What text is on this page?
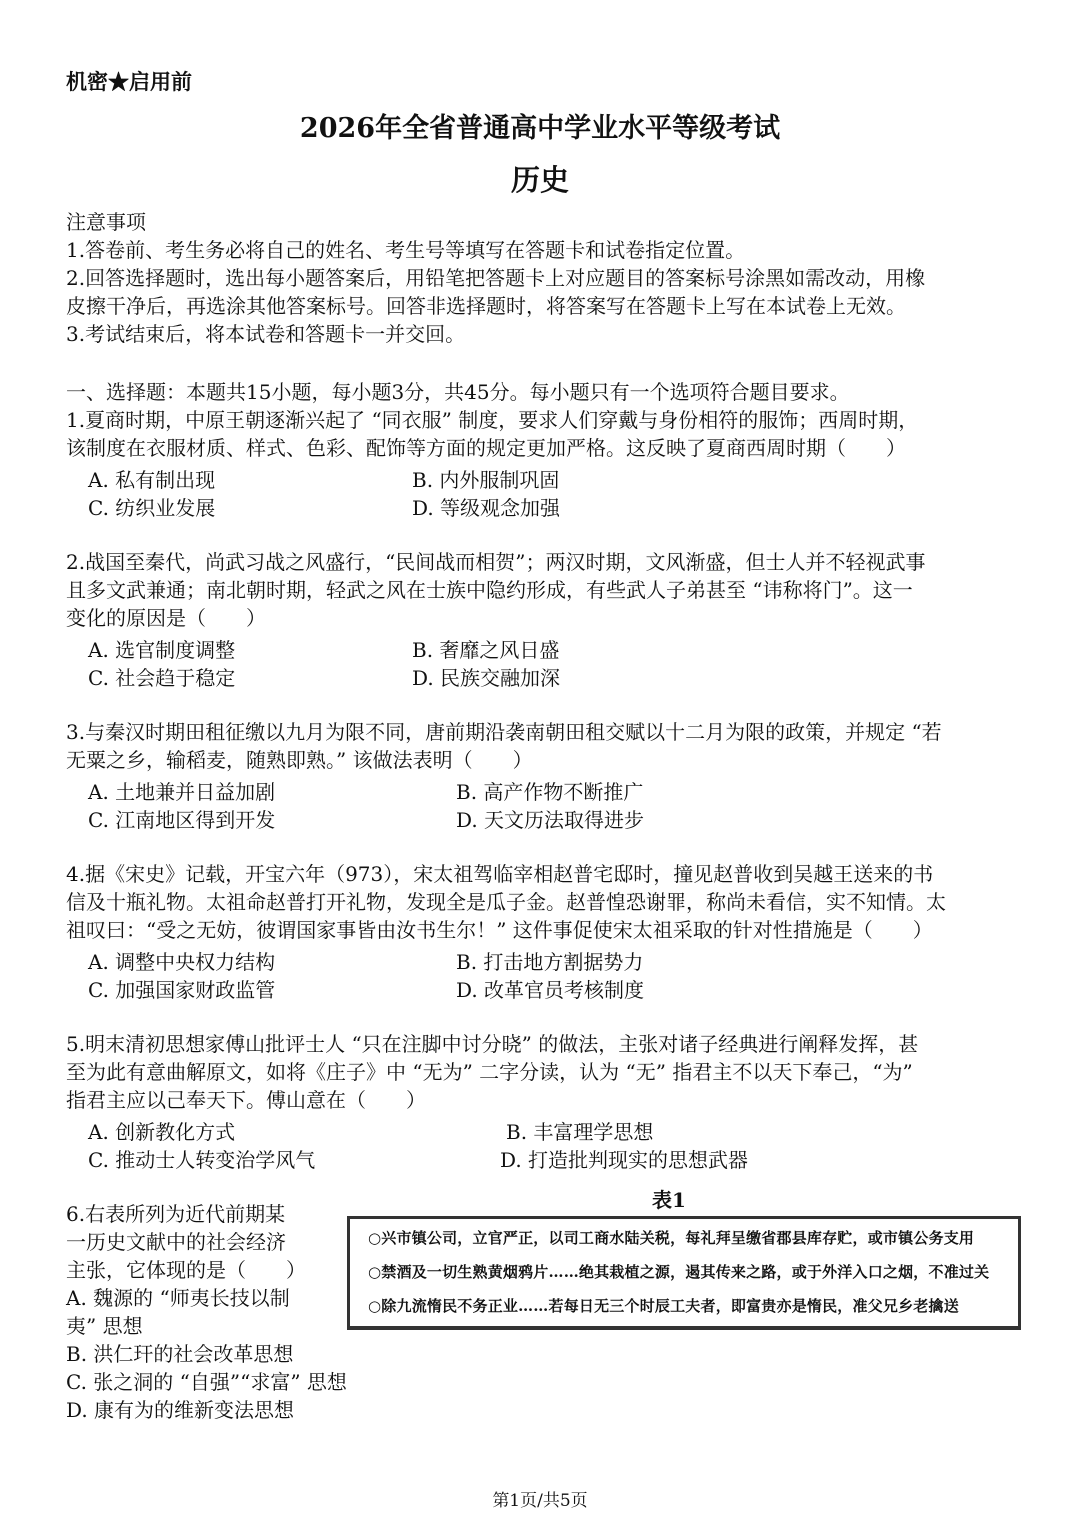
机密★启用前
2026年全省普通高中学业水平等级考试
历史
注意事项
1.答卷前、考生务必将自己的姓名、考生号等填写在答题卡和试卷指定位置。
2.回答选择题时，选出每小题答案后，用铅笔把答题卡上对应题目的答案标号涂黑如需改动，用橡
皮擦干净后，再选涂其他答案标号。回答非选择题时，将答案写在答题卡上写在本试卷上无效。
3.考试结束后，将本试卷和答题卡一并交回。
一、选择题：本题共15小题，每小题3分，共45分。每小题只有一个选项符合题目要求。
1.夏商时期，中原王朝逐渐兴起了 “同衣服” 制度，要求人们穿戴与身份相符的服饰；西周时期，
该制度在衣服材质、样式、色彩、配饰等方面的规定更加严格。这反映了夏商西周时期（　　）
A. 私有制出现	B. 内外服制巩固
C. 纺织业发展	D. 等级观念加强
2.战国至秦代，尚武习战之风盛行，“民间战而相贺”；两汉时期，文风渐盛，但士人并不轻视武事
且多文武兼通；南北朝时期，轻武之风在士族中隐约形成，有些武人子弟甚至 “讳称将门”。这一
变化的原因是（　　）
A. 选官制度调整	B. 奢靡之风日盛
C. 社会趋于稳定	D. 民族交融加深
3.与秦汉时期田租征缴以九月为限不同，唐前期沿袭南朝田租交赋以十二月为限的政策，并规定 “若
无粟之乡，输稻麦，随熟即熟。” 该做法表明（　　）
A. 土地兼并日益加剧	B. 高产作物不断推广
C. 江南地区得到开发	D. 天文历法取得进步
4.据《宋史》记载，开宝六年（973），宋太祖驾临宰相赵普宅邸时，撞见赵普收到吴越王送来的书
信及十瓶礼物。太祖命赵普打开礼物，发现全是瓜子金。赵普惶恐谢罪，称尚未看信，实不知情。太
祖叹曰：“受之无妨，彼谓国家事皆由汝书生尔！” 这件事促使宋太祖采取的针对性措施是（　　）
A. 调整中央权力结构	B. 打击地方割据势力
C. 加强国家财政监管	D. 改革官员考核制度
5.明末清初思想家傅山批评士人 “只在注脚中讨分晓” 的做法，主张对诸子经典进行阐释发挥，甚
至为此有意曲解原文，如将《庄子》中 “无为” 二字分读，认为 “无” 指君主不以天下奉己，“为”
指君主应以己奉天下。傅山意在（　　）
A. 创新教化方式	B. 丰富理学思想
C. 推动士人转变治学风气	D. 打造批判现实的思想武器
6.右表所列为近代前期某
一历史文献中的社会经济
主张，它体现的是（　　）
A. 魏源的 “师夷长技以制
夷” 思想
B. 洪仁玕的社会改革思想
C. 张之洞的 “自强”“求富” 思想
D. 康有为的维新变法思想
表1
○兴市镇公司，立官严正，以司工商水陆关税，每礼拜呈缴省郡县库存贮，或市镇公务支用
○禁酒及一切生熟黄烟鸦片……绝其栽植之源，遏其传来之路，或于外洋入口之烟，不准过关
○除九流惰民不务正业……若每日无三个时辰工夫者，即富贵亦是惰民，准父兄乡老擒送
第1页/共5页
